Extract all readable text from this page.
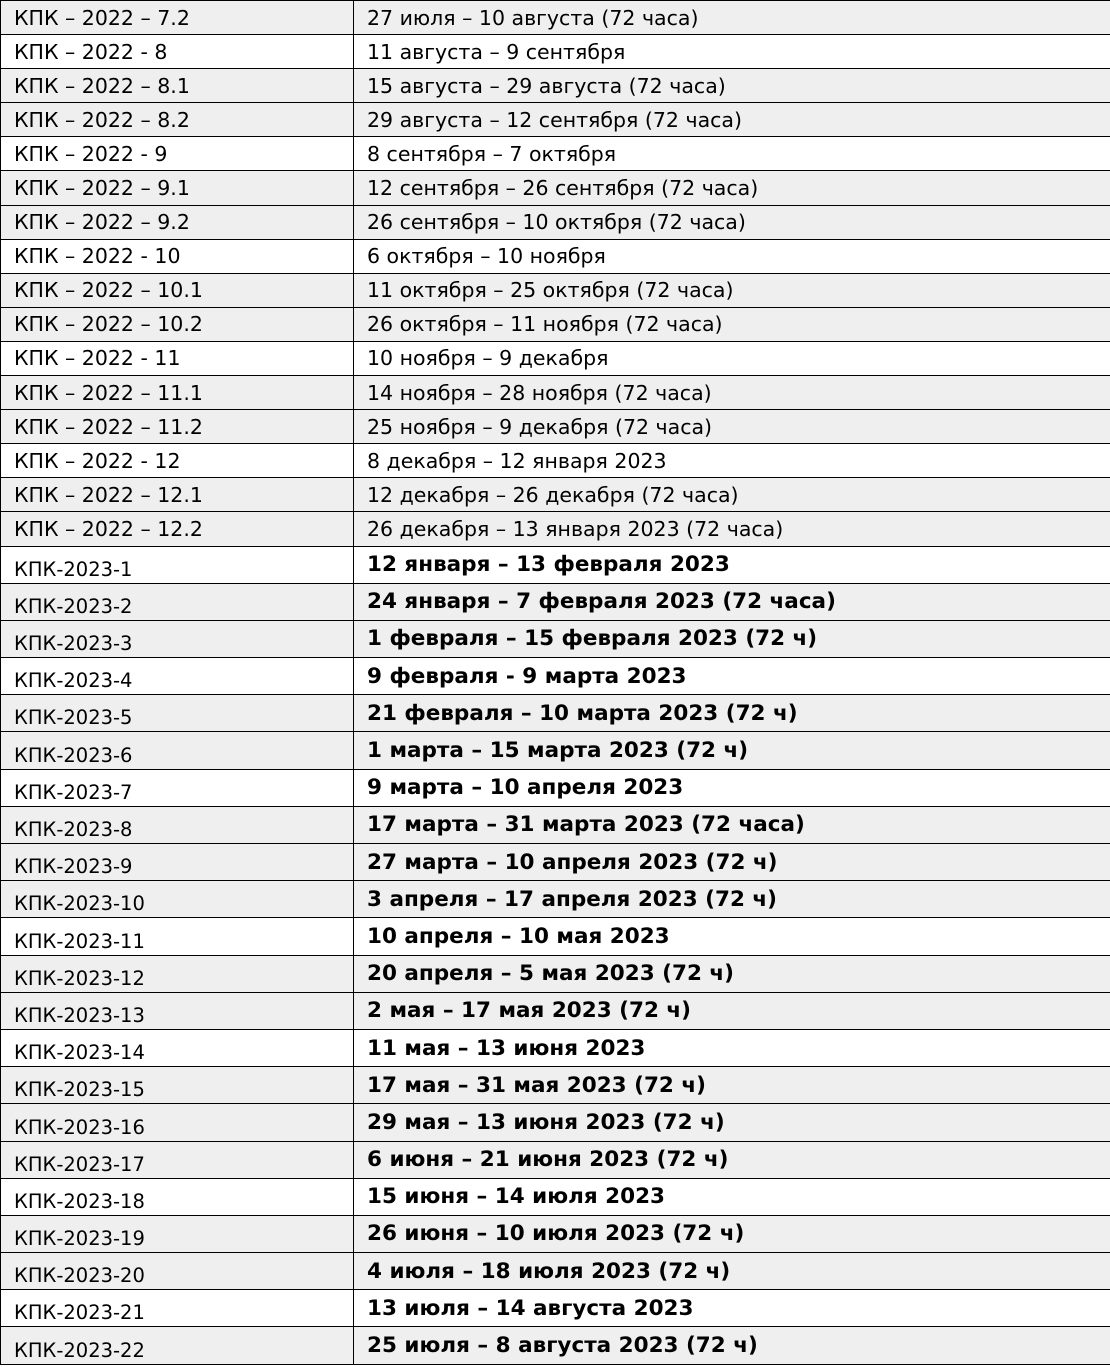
КПК – 2022 – 7.2	27 июля – 10 августа (72 часа)
КПК – 2022 - 8	11 августа – 9 сентября
КПК – 2022 – 8.1	15 августа – 29 августа (72 часа)
КПК – 2022 – 8.2	29 августа – 12 сентября (72 часа)
КПК – 2022 - 9	8 сентября – 7 октября
КПК – 2022 – 9.1	12 сентября – 26 сентября (72 часа)
КПК – 2022 – 9.2	26 сентября – 10 октября (72 часа)
КПК – 2022 - 10	6 октября – 10 ноября
КПК – 2022 – 10.1	11 октября – 25 октября (72 часа)
КПК – 2022 – 10.2	26 октября – 11 ноября (72 часа)
КПК – 2022 - 11	10 ноября – 9 декабря
КПК – 2022 – 11.1	14 ноября – 28 ноября (72 часа)
КПК – 2022 – 11.2	25 ноября – 9 декабря (72 часа)
КПК – 2022 - 12	8 декабря – 12 января 2023
КПК – 2022 – 12.1	12 декабря – 26 декабря (72 часа)
КПК – 2022 – 12.2	26 декабря – 13 января 2023 (72 часа)
КПК-2023-1	12 января – 13 февраля 2023
КПК-2023-2	24 января – 7 февраля 2023 (72 часа)
КПК-2023-3	1 февраля – 15 февраля 2023 (72 ч)
КПК-2023-4	9 февраля - 9 марта 2023
КПК-2023-5	21 февраля – 10 марта 2023 (72 ч)
КПК-2023-6	1 марта – 15 марта 2023 (72 ч)
КПК-2023-7	9 марта – 10 апреля 2023
КПК-2023-8	17 марта – 31 марта 2023 (72 часа)
КПК-2023-9	27 марта – 10 апреля 2023 (72 ч)
КПК-2023-10	3 апреля – 17 апреля 2023 (72 ч)
КПК-2023-11	10 апреля – 10 мая 2023
КПК-2023-12	20 апреля – 5 мая 2023 (72 ч)
КПК-2023-13	2 мая – 17 мая 2023 (72 ч)
КПК-2023-14	11 мая – 13 июня 2023
КПК-2023-15	17 мая – 31 мая 2023 (72 ч)
КПК-2023-16	29 мая – 13 июня 2023 (72 ч)
КПК-2023-17	6 июня – 21 июня 2023 (72 ч)
КПК-2023-18	15 июня – 14 июля 2023
КПК-2023-19	26 июня – 10 июля 2023 (72 ч)
КПК-2023-20	4 июля – 18 июля 2023 (72 ч)
КПК-2023-21	13 июля – 14 августа 2023
КПК-2023-22	25 июля – 8 августа 2023 (72 ч)
